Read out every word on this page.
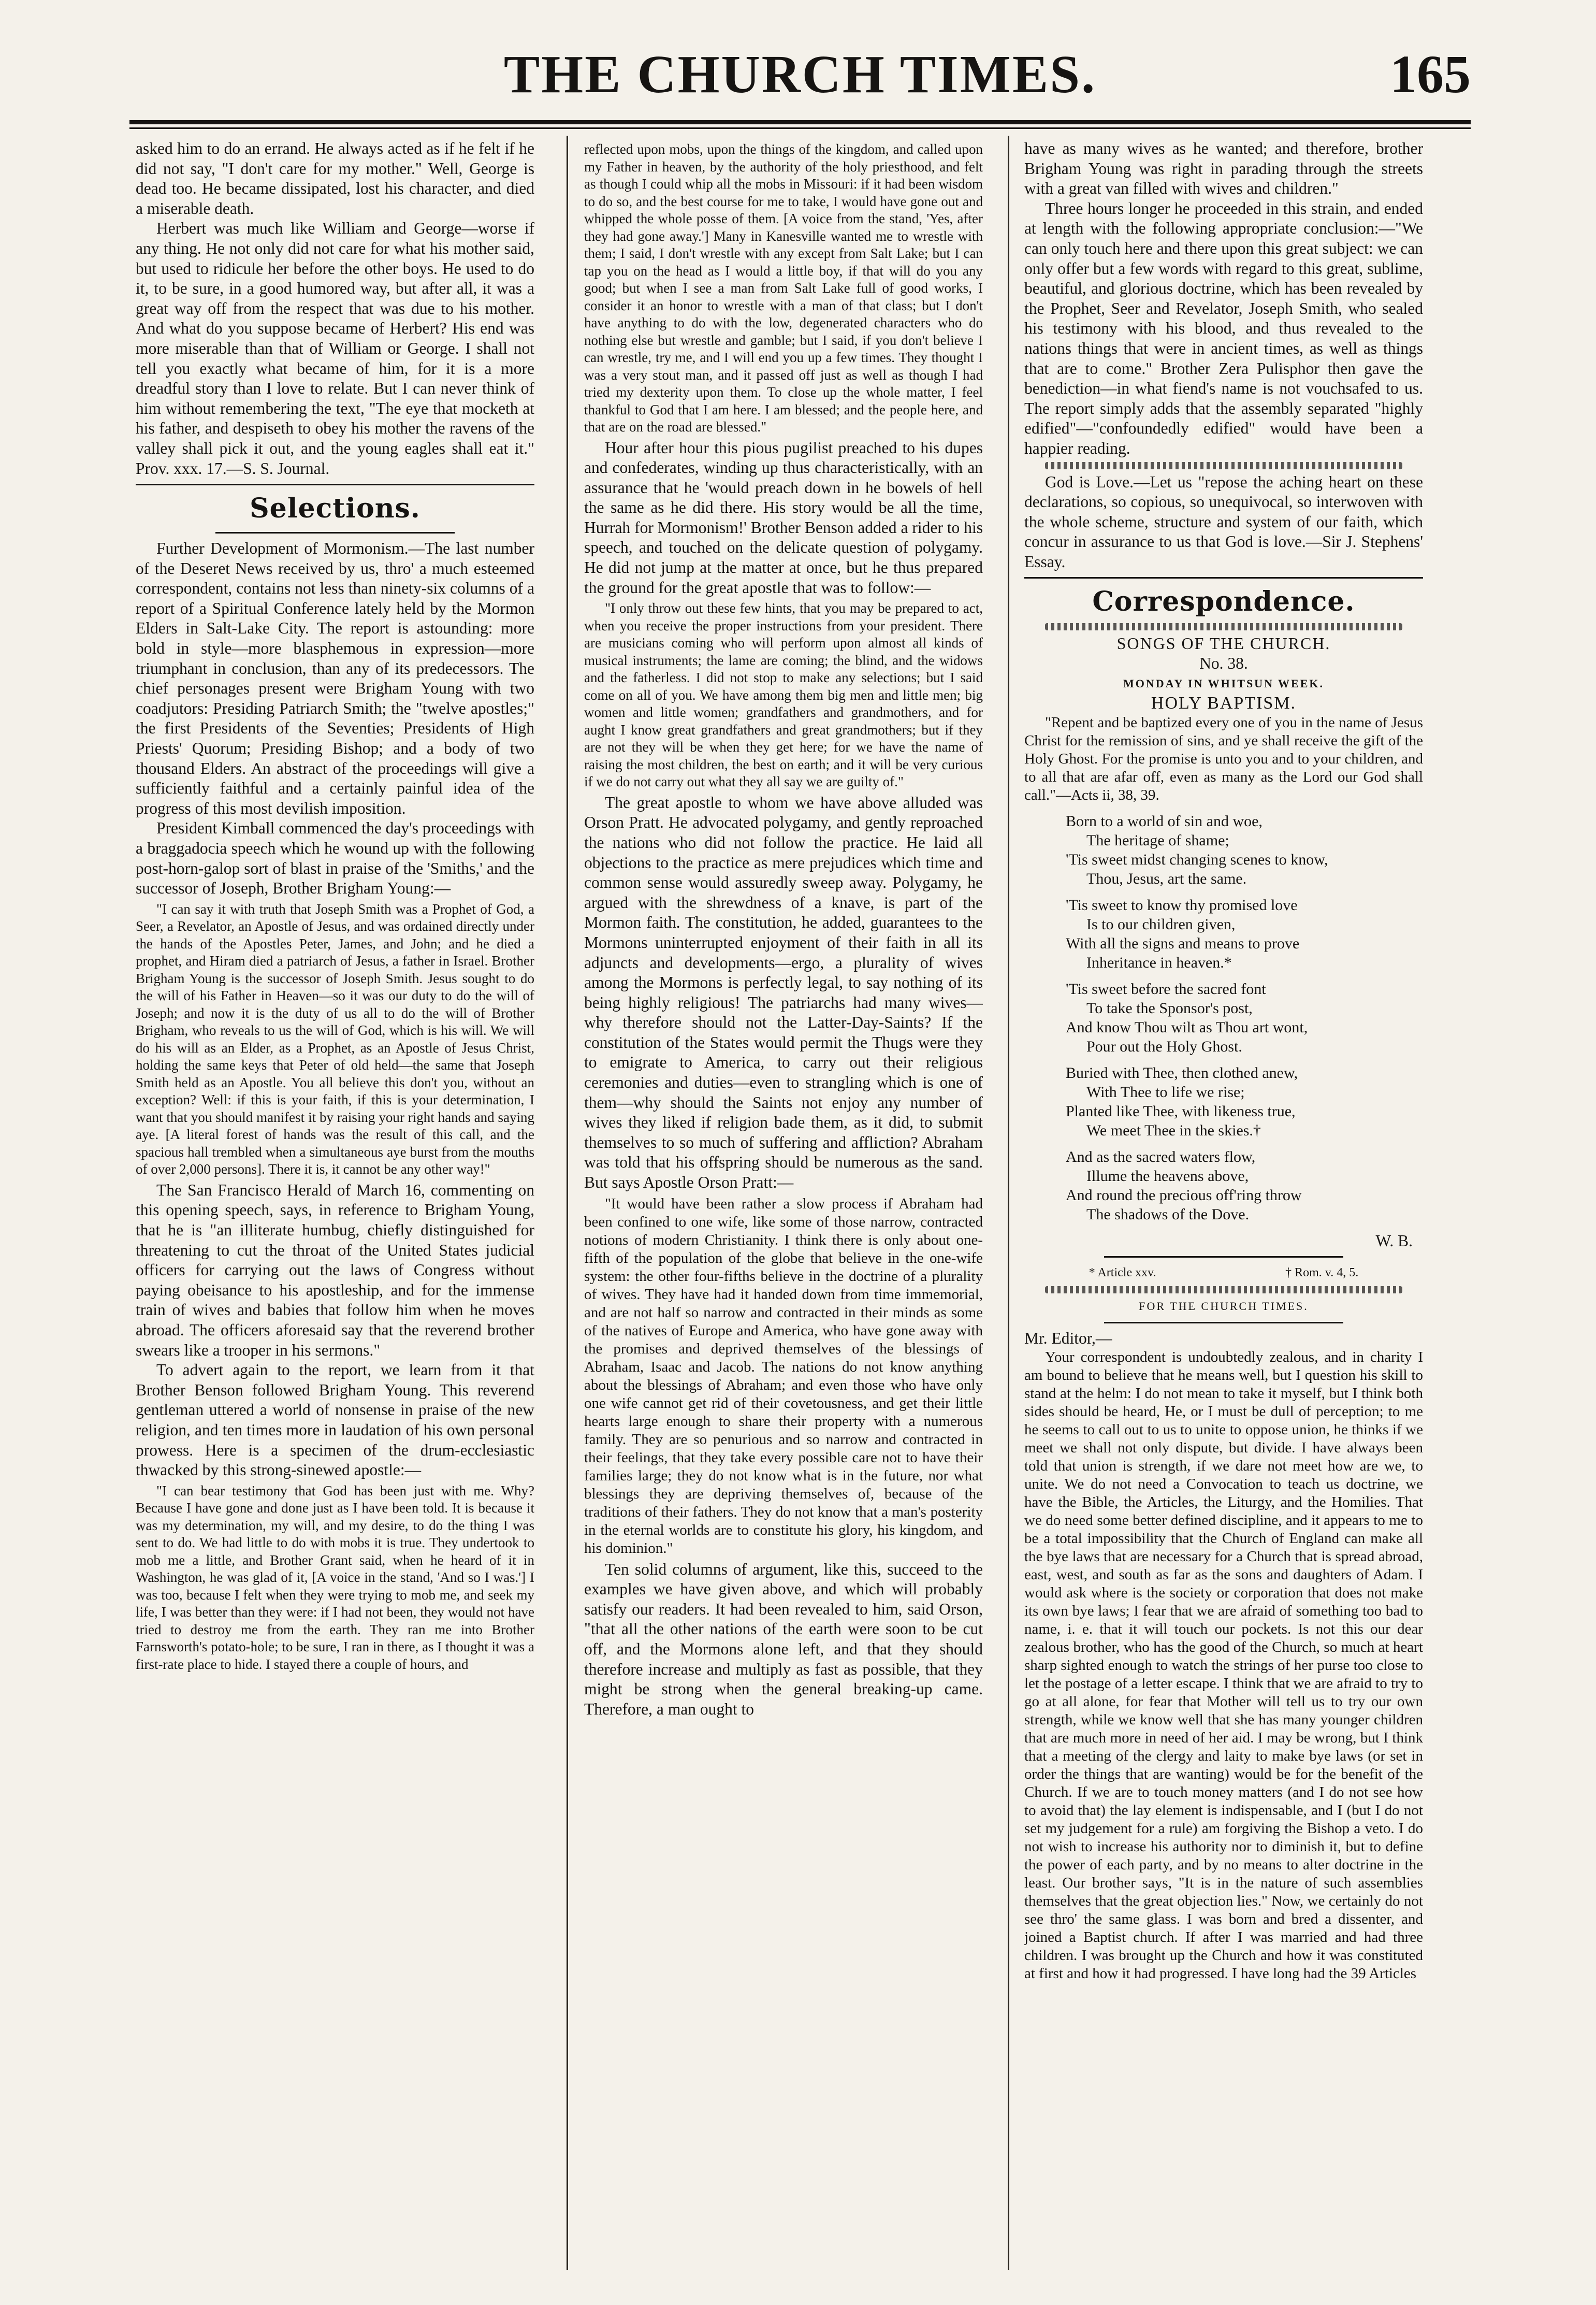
THE CHURCH TIMES.	165

asked him to do an errand. He always acted as if he felt if he did not say, "I don't care for my mother." Well, George is dead too. He became dissipated, lost his character, and died a miserable death.

Herbert was much like William and George—worse if any thing. He not only did not care for what his mother said, but used to ridicule her before the other boys. He used to do it, to be sure, in a good humored way, but after all, it was a great way off from the respect that was due to his mother. And what do you suppose became of Herbert? His end was more miserable than that of William or George. I shall not tell you exactly what became of him, for it is a more dreadful story than I love to relate. But I can never think of him without remembering the text, "The eye that mocketh at his father, and despiseth to obey his mother the ravens of the valley shall pick it out, and the young eagles shall eat it." Prov. xxx. 17.—S. S. Journal.

Selections.

Further Development of Mormonism.—The last number of the Deseret News received by us, thro' a much esteemed correspondent, contains not less than ninety-six columns of a report of a Spiritual Conference lately held by the Mormon Elders in Salt-Lake City. The report is astounding: more bold in style—more blasphemous in expression—more triumphant in conclusion, than any of its predecessors. The chief personages present were Brigham Young with two coadjutors: Presiding Patriarch Smith; the "twelve apostles;" the first Presidents of the Seventies; Presidents of High Priests' Quorum; Presiding Bishop; and a body of two thousand Elders. An abstract of the proceedings will give a sufficiently faithful and a certainly painful idea of the progress of this most devilish imposition.

President Kimball commenced the day's proceedings with a braggadocia speech which he wound up with the following post-horn-galop sort of blast in praise of the 'Smiths,' and the successor of Joseph, Brother Brigham Young:—

"I can say it with truth that Joseph Smith was a Prophet of God, a Seer, a Revelator, an Apostle of Jesus, and was ordained directly under the hands of the Apostles Peter, James, and John; and he died a prophet, and Hiram died a patriarch of Jesus, a father in Israel. Brother Brigham Young is the successor of Joseph Smith. Jesus sought to do the will of his Father in Heaven—so it was our duty to do the will of Joseph; and now it is the duty of us all to do the will of Brother Brigham, who reveals to us the will of God, which is his will. We will do his will as an Elder, as a Prophet, as an Apostle of Jesus Christ, holding the same keys that Peter of old held—the same that Joseph Smith held as an Apostle. You all believe this don't you, without an exception? Well: if this is your faith, if this is your determination, I want that you should manifest it by raising your right hands and saying aye. [A literal forest of hands was the result of this call, and the spacious hall trembled when a simultaneous aye burst from the mouths of over 2,000 persons]. There it is, it cannot be any other way!"

The San Francisco Herald of March 16, commenting on this opening speech, says, in reference to Brigham Young, that he is "an illiterate humbug, chiefly distinguished for threatening to cut the throat of the United States judicial officers for carrying out the laws of Congress without paying obeisance to his apostleship, and for the immense train of wives and babies that follow him when he moves abroad. The officers aforesaid say that the reverend brother swears like a trooper in his sermons."

To advert again to the report, we learn from it that Brother Benson followed Brigham Young. This reverend gentleman uttered a world of nonsense in praise of the new religion, and ten times more in laudation of his own personal prowess. Here is a specimen of the drum-ecclesiastic thwacked by this strong-sinewed apostle:—

"I can bear testimony that God has been just with me. Why? Because I have gone and done just as I have been told. It is because it was my determination, my will, and my desire, to do the thing I was sent to do. We had little to do with mobs it is true. They undertook to mob me a little, and Brother Grant said, when he heard of it in Washington, he was glad of it, [A voice in the stand, 'And so I was.'] I was too, because I felt when they were trying to mob me, and seek my life, I was better than they were: if I had not been, they would not have tried to destroy me from the earth. They ran me into Brother Farnsworth's potato-hole; to be sure, I ran in there, as I thought it was a first-rate place to hide. I stayed there a couple of hours, and

reflected upon mobs, upon the things of the kingdom, and called upon my Father in heaven, by the authority of the holy priesthood, and felt as though I could whip all the mobs in Missouri: if it had been wisdom to do so, and the best course for me to take, I would have gone out and whipped the whole posse of them. [A voice from the stand, 'Yes, after they had gone away.'] Many in Kanesville wanted me to wrestle with them; I said, I don't wrestle with any except from Salt Lake; but I can tap you on the head as I would a little boy, if that will do you any good; but when I see a man from Salt Lake full of good works, I consider it an honor to wrestle with a man of that class; but I don't have anything to do with the low, degenerated characters who do nothing else but wrestle and gamble; but I said, if you don't believe I can wrestle, try me, and I will end you up a few times. They thought I was a very stout man, and it passed off just as well as though I had tried my dexterity upon them. To close up the whole matter, I feel thankful to God that I am here. I am blessed; and the people here, and that are on the road are blessed."

Hour after hour this pious pugilist preached to his dupes and confederates, winding up thus characteristically, with an assurance that he 'would preach down in he bowels of hell the same as he did there. His story would be all the time, Hurrah for Mormonism!' Brother Benson added a rider to his speech, and touched on the delicate question of polygamy. He did not jump at the matter at once, but he thus prepared the ground for the great apostle that was to follow:—

"I only throw out these few hints, that you may be prepared to act, when you receive the proper instructions from your president. There are musicians coming who will perform upon almost all kinds of musical instruments; the lame are coming; the blind, and the widows and the fatherless. I did not stop to make any selections; but I said come on all of you. We have among them big men and little men; big women and little women; grandfathers and grandmothers, and for aught I know great grandfathers and great grandmothers; but if they are not they will be when they get here; for we have the name of raising the most children, the best on earth; and it will be very curious if we do not carry out what they all say we are guilty of."

The great apostle to whom we have above alluded was Orson Pratt. He advocated polygamy, and gently reproached the nations who did not follow the practice. He laid all objections to the practice as mere prejudices which time and common sense would assuredly sweep away. Polygamy, he argued with the shrewdness of a knave, is part of the Mormon faith. The constitution, he added, guarantees to the Mormons uninterrupted enjoyment of their faith in all its adjuncts and developments—ergo, a plurality of wives among the Mormons is perfectly legal, to say nothing of its being highly religious! The patriarchs had many wives—why therefore should not the Latter-Day-Saints? If the constitution of the States would permit the Thugs were they to emigrate to America, to carry out their religious ceremonies and duties—even to strangling which is one of them—why should the Saints not enjoy any number of wives they liked if religion bade them, as it did, to submit themselves to so much of suffering and affliction? Abraham was told that his offspring should be numerous as the sand. But says Apostle Orson Pratt:—

"It would have been rather a slow process if Abraham had been confined to one wife, like some of those narrow, contracted notions of modern Christianity. I think there is only about one-fifth of the population of the globe that believe in the one-wife system: the other four-fifths believe in the doctrine of a plurality of wives. They have had it handed down from time immemorial, and are not half so narrow and contracted in their minds as some of the natives of Europe and America, who have gone away with the promises and deprived themselves of the blessings of Abraham, Isaac and Jacob. The nations do not know anything about the blessings of Abraham; and even those who have only one wife cannot get rid of their covetousness, and get their little hearts large enough to share their property with a numerous family. They are so penurious and so narrow and contracted in their feelings, that they take every possible care not to have their families large; they do not know what is in the future, nor what blessings they are depriving themselves of, because of the traditions of their fathers. They do not know that a man's posterity in the eternal worlds are to constitute his glory, his kingdom, and his dominion."

Ten solid columns of argument, like this, succeed to the examples we have given above, and which will probably satisfy our readers. It had been revealed to him, said Orson, "that all the other nations of the earth were soon to be cut off, and the Mormons alone left, and that they should therefore increase and multiply as fast as possible, that they might be strong when the general breaking-up came. Therefore, a man ought to

have as many wives as he wanted; and therefore, brother Brigham Young was right in parading through the streets with a great van filled with wives and children."

Three hours longer he proceeded in this strain, and ended at length with the following appropriate conclusion:—"We can only touch here and there upon this great subject: we can only offer but a few words with regard to this great, sublime, beautiful, and glorious doctrine, which has been revealed by the Prophet, Seer and Revelator, Joseph Smith, who sealed his testimony with his blood, and thus revealed to the nations things that were in ancient times, as well as things that are to come." Brother Zera Pulisphor then gave the benediction—in what fiend's name is not vouchsafed to us. The report simply adds that the assembly separated "highly edified"—"confoundedly edified" would have been a happier reading.

God is Love.—Let us "repose the aching heart on these declarations, so copious, so unequivocal, so interwoven with the whole scheme, structure and system of our faith, which concur in assurance to us that God is love.—Sir J. Stephens' Essay.

Correspondence.

SONGS OF THE CHURCH.

No. 38.

MONDAY IN WHITSUN WEEK.

HOLY BAPTISM.

"Repent and be baptized every one of you in the name of Jesus Christ for the remission of sins, and ye shall receive the gift of the Holy Ghost. For the promise is unto you and to your children, and to all that are afar off, even as many as the Lord our God shall call."—Acts ii, 38, 39.

Born to a world of sin and woe,
The heritage of shame;
'Tis sweet midst changing scenes to know,
Thou, Jesus, art the same.
'Tis sweet to know thy promised love
Is to our children given,
With all the signs and means to prove
Inheritance in heaven.*
'Tis sweet before the sacred font
To take the Sponsor's post,
And know Thou wilt as Thou art wont,
Pour out the Holy Ghost.
Buried with Thee, then clothed anew,
With Thee to life we rise;
Planted like Thee, with likeness true,
We meet Thee in the skies.†
And as the sacred waters flow,
Illume the heavens above,
And round the precious off'ring throw
The shadows of the Dove.

W. B.

* Article xxv.	† Rom. v. 4, 5.

FOR THE CHURCH TIMES.

Mr. Editor,—

Your correspondent is undoubtedly zealous, and in charity I am bound to believe that he means well, but I question his skill to stand at the helm: I do not mean to take it myself, but I think both sides should be heard, He, or I must be dull of perception; to me he seems to call out to us to unite to oppose union, he thinks if we meet we shall not only dispute, but divide. I have always been told that union is strength, if we dare not meet how are we, to unite. We do not need a Convocation to teach us doctrine, we have the Bible, the Articles, the Liturgy, and the Homilies. That we do need some better defined discipline, and it appears to me to be a total impossibility that the Church of England can make all the bye laws that are necessary for a Church that is spread abroad, east, west, and south as far as the sons and daughters of Adam. I would ask where is the society or corporation that does not make its own bye laws; I fear that we are afraid of something too bad to name, i. e. that it will touch our pockets. Is not this our dear zealous brother, who has the good of the Church, so much at heart sharp sighted enough to watch the strings of her purse too close to let the postage of a letter escape. I think that we are afraid to try to go at all alone, for fear that Mother will tell us to try our own strength, while we know well that she has many younger children that are much more in need of her aid. I may be wrong, but I think that a meeting of the clergy and laity to make bye laws (or set in order the things that are wanting) would be for the benefit of the Church. If we are to touch money matters (and I do not see how to avoid that) the lay element is indispensable, and I (but I do not set my judgement for a rule) am forgiving the Bishop a veto. I do not wish to increase his authority nor to diminish it, but to define the power of each party, and by no means to alter doctrine in the least. Our brother says, "It is in the nature of such assemblies themselves that the great objection lies." Now, we certainly do not see thro' the same glass. I was born and bred a dissenter, and joined a Baptist church. If after I was married and had three children. I was brought up the Church and how it was constituted at first and how it had progressed. I have long had the 39 Articles
